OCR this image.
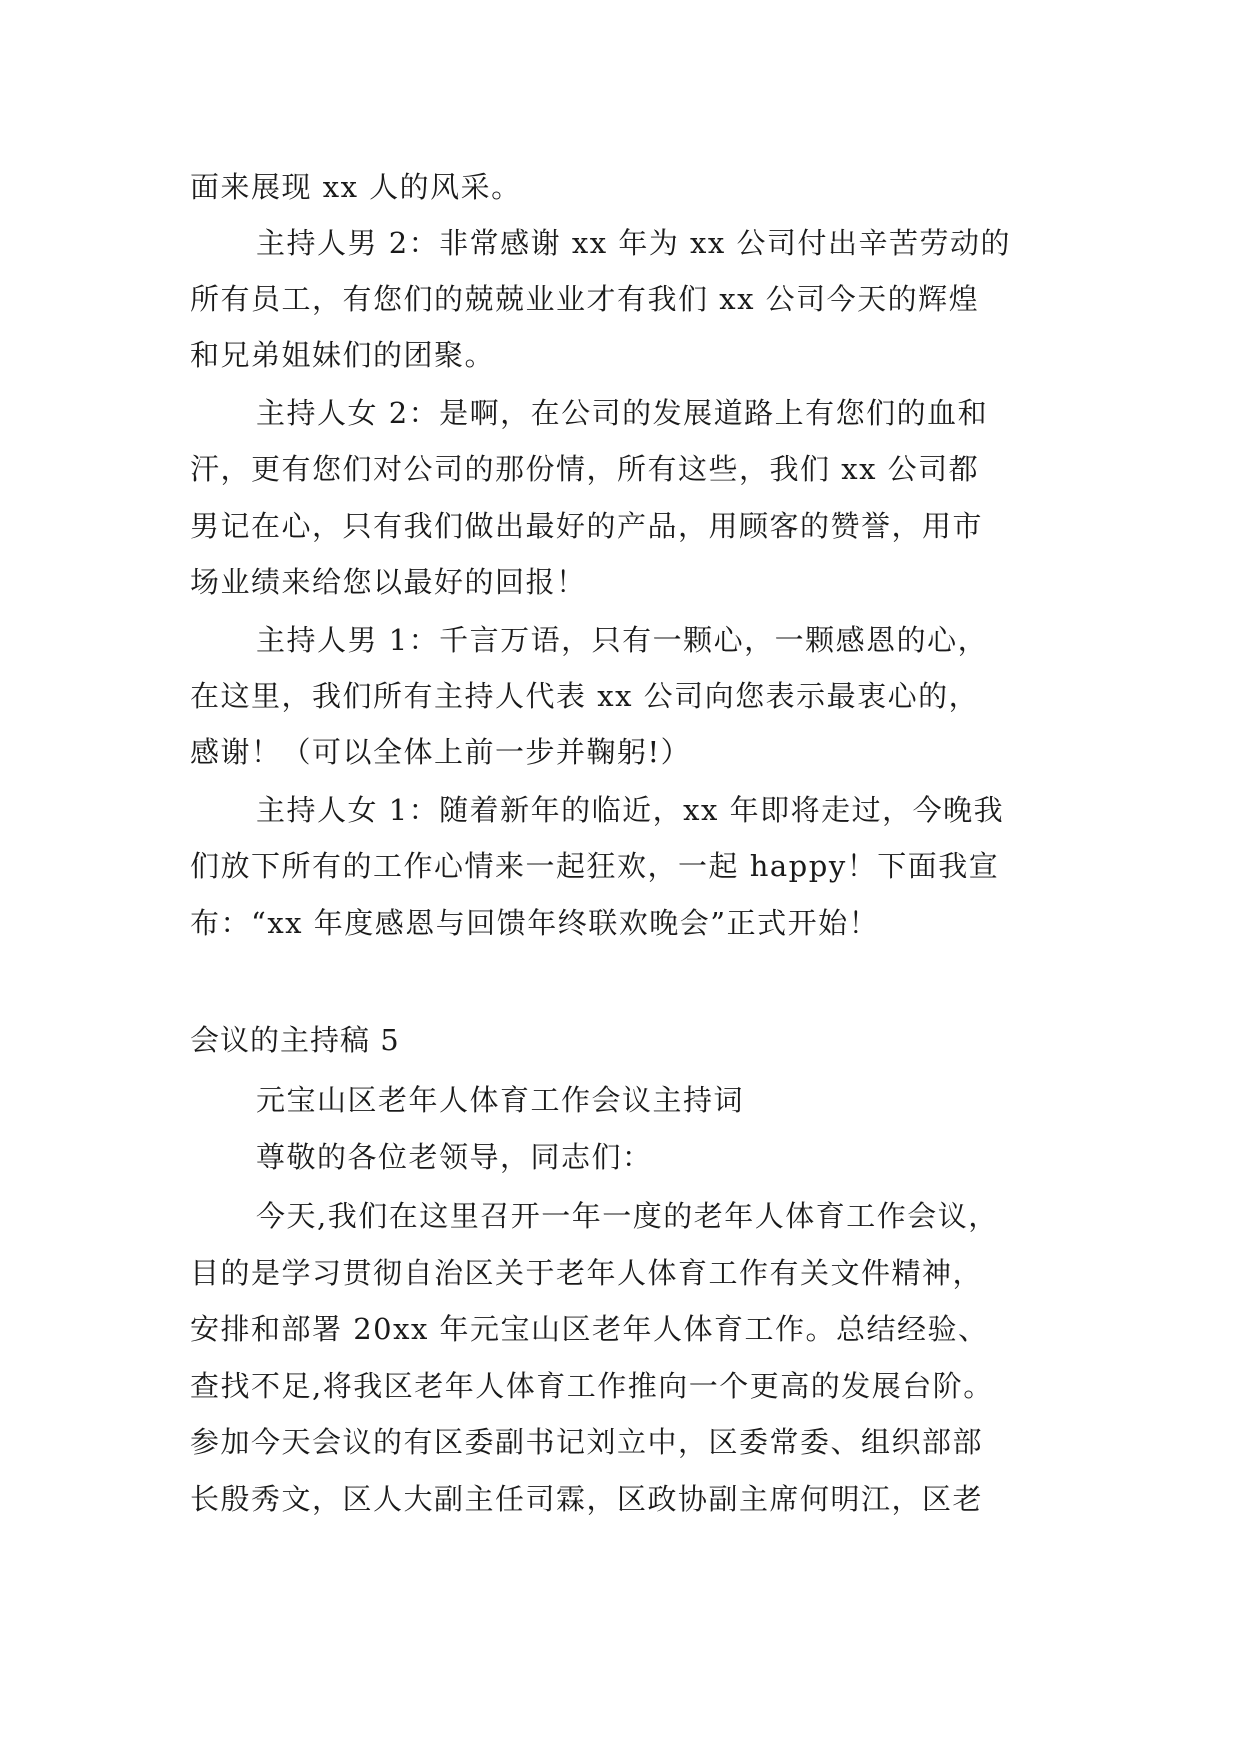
面来展现 xx 人的风采。
主持人男 2：非常感谢 xx 年为 xx 公司付出辛苦劳动的
所有员工，有您们的兢兢业业才有我们 xx 公司今天的辉煌
和兄弟姐妹们的团聚。
主持人女 2：是啊，在公司的发展道路上有您们的血和
汗，更有您们对公司的那份情，所有这些，我们 xx 公司都
男记在心，只有我们做出最好的产品，用顾客的赞誉，用市
场业绩来给您以最好的回报！
主持人男 1：千言万语，只有一颗心，一颗感恩的心，
在这里，我们所有主持人代表 xx 公司向您表示最衷心的，
感谢！（可以全体上前一步并鞠躬!）
主持人女 1：随着新年的临近，xx 年即将走过，今晚我
们放下所有的工作心情来一起狂欢，一起 happy！下面我宣
布：“xx 年度感恩与回馈年终联欢晚会”正式开始！
会议的主持稿 5
元宝山区老年人体育工作会议主持词
尊敬的各位老领导，同志们：
今天,我们在这里召开一年一度的老年人体育工作会议，
目的是学习贯彻自治区关于老年人体育工作有关文件精神，
安排和部署 20xx 年元宝山区老年人体育工作。总结经验、
查找不足,将我区老年人体育工作推向一个更高的发展台阶。
参加今天会议的有区委副书记刘立中，区委常委、组织部部
长殷秀文，区人大副主任司霖，区政协副主席何明江，区老
